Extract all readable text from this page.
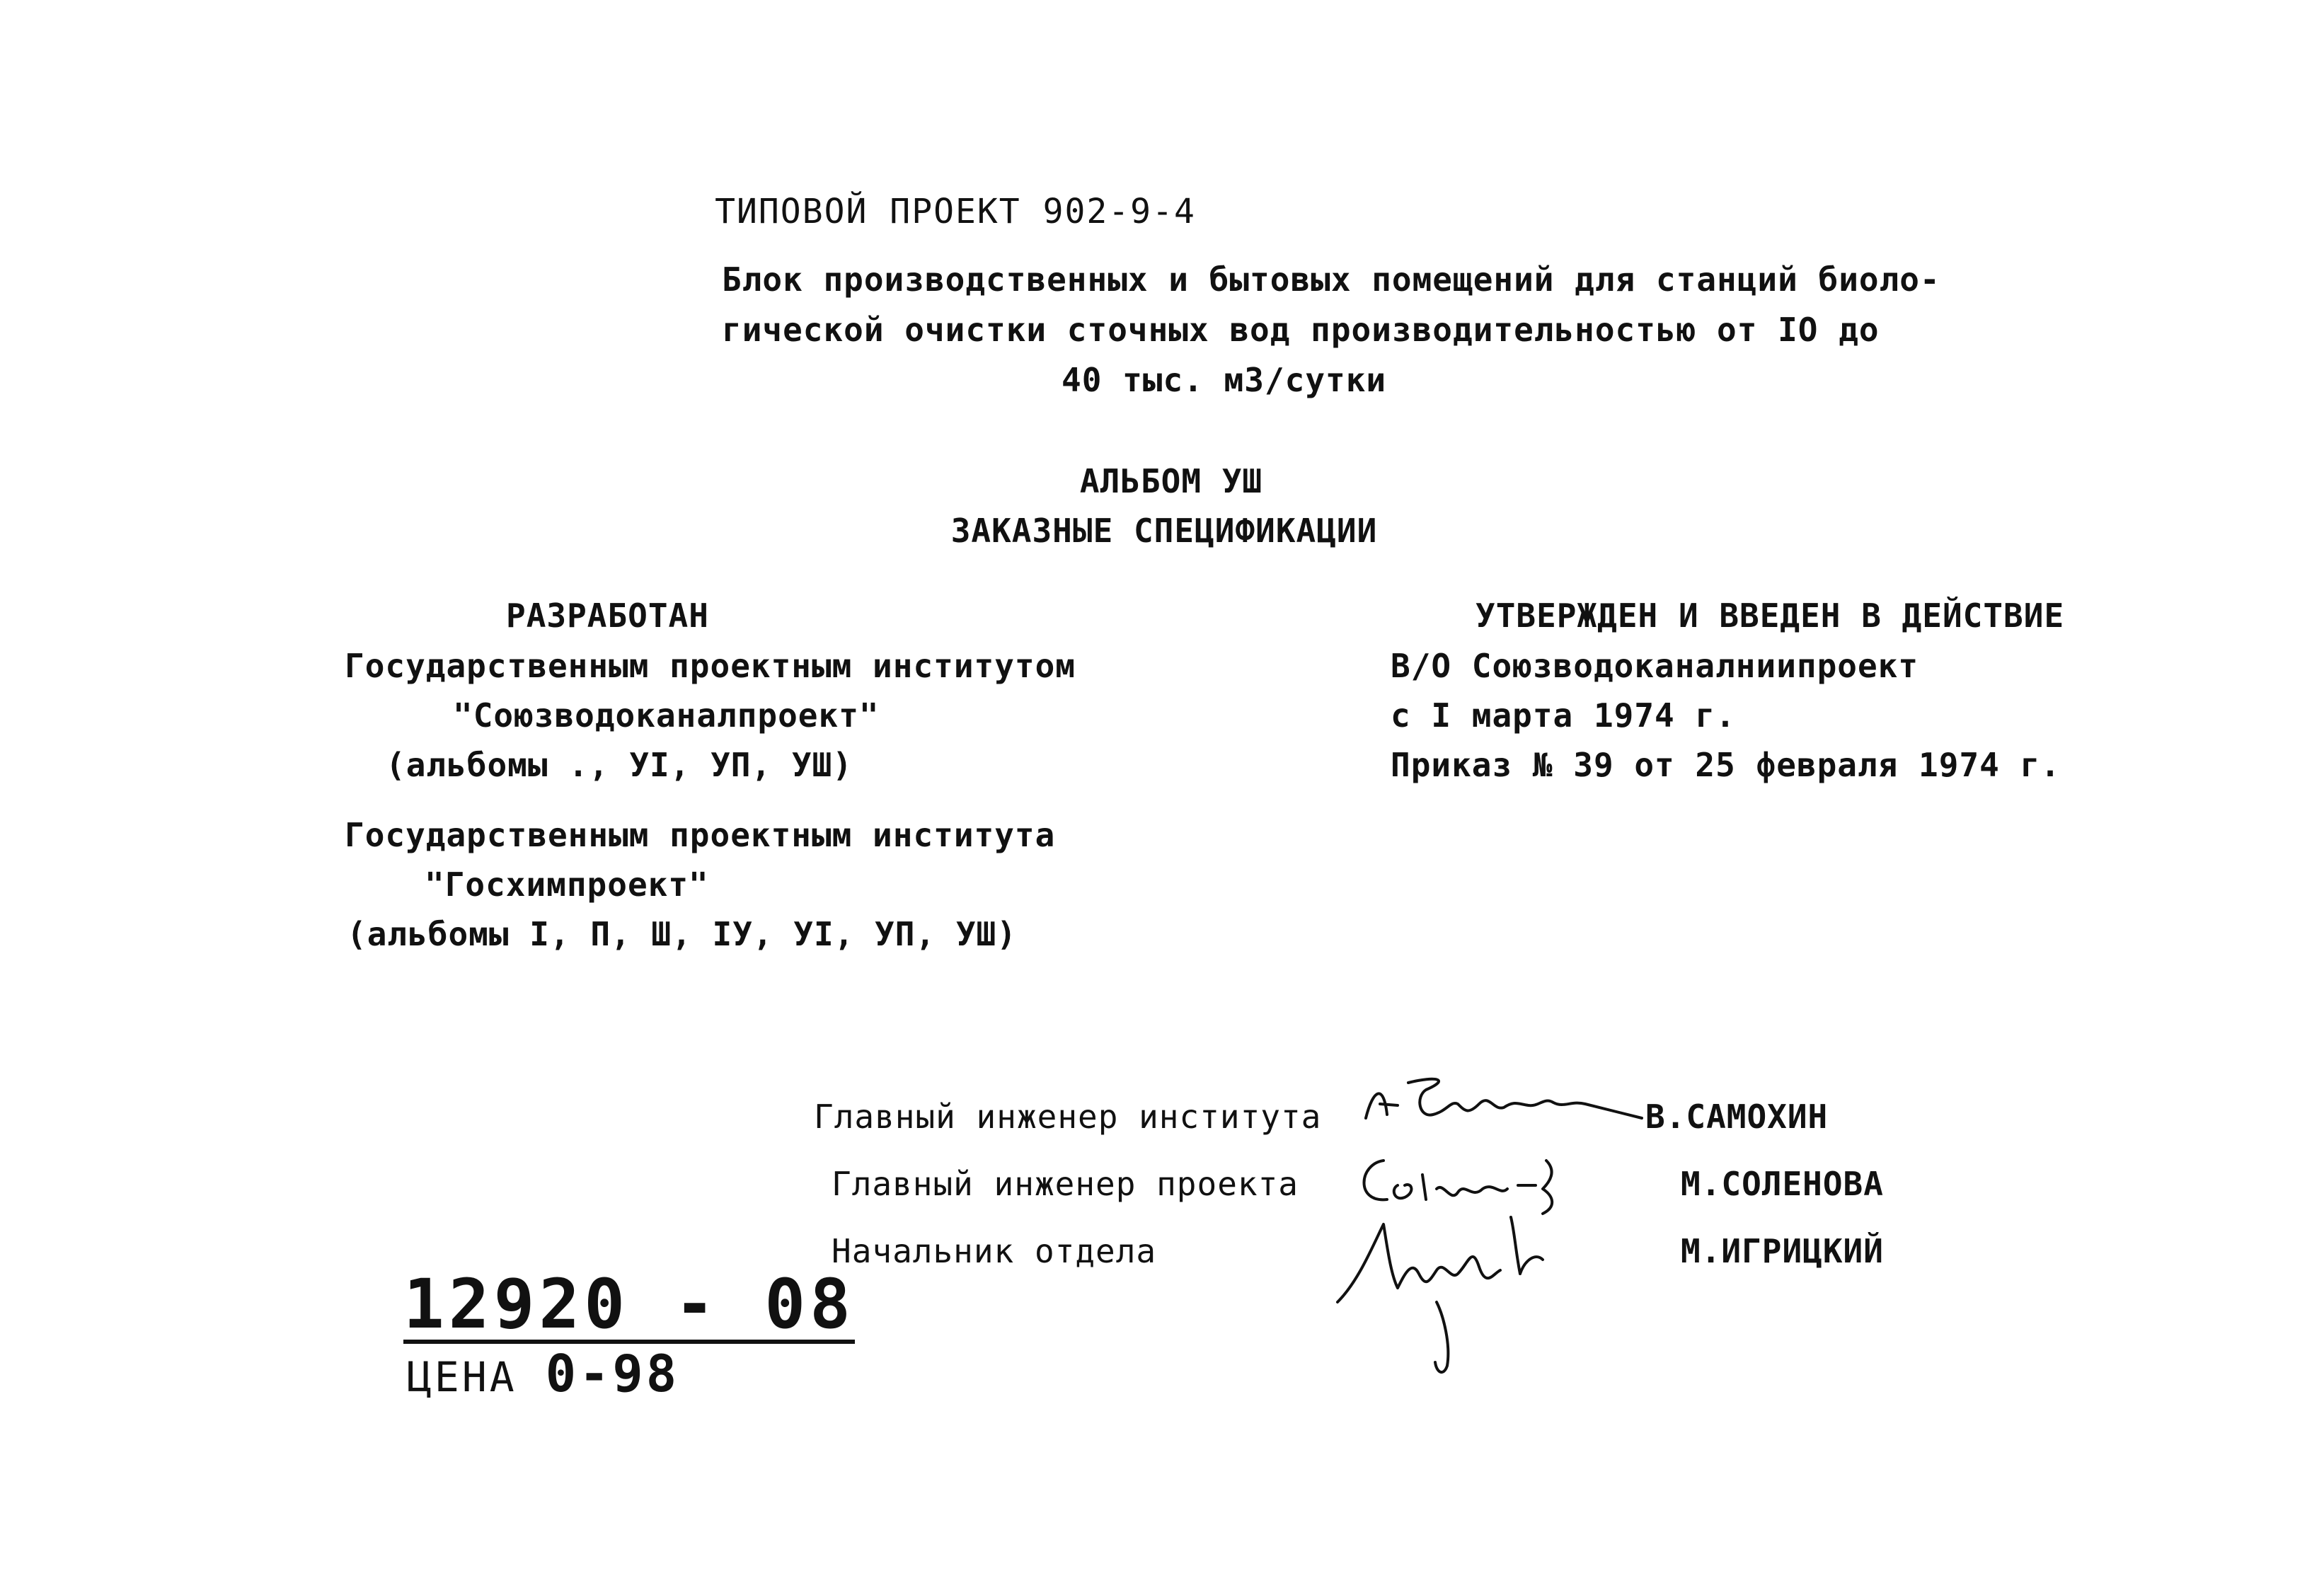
ТИПОВОЙ ПРОЕКТ 902-9-4
Блок производственных и бытовых помещений для станций биоло-
гической очистки сточных вод производительностью от IO до
40 тыс. м3/сутки
АЛЬБОМ УШ
ЗАКАЗНЫЕ СПЕЦИФИКАЦИИ
РАЗРАБОТАН
Государственным проектным институтом
"Союзводоканалпроект"
(альбомы ., УI, УП, УШ)
Государственным проектным института
"Госхимпроект"
(альбомы I, П, Ш, IУ, УI, УП, УШ)
УТВЕРЖДЕН И ВВЕДЕН В ДЕЙСТВИЕ
В/О Союзводоканалниипроект
с I марта 1974 г.
Приказ № 39 от 25 февраля 1974 г.
Главный инженер института	В.САМОХИН
Главный инженер проекта	М.СОЛЕНОВА
Начальник отдела	М.ИГРИЦКИЙ
12920 - 08
ЦЕНА 0-98
